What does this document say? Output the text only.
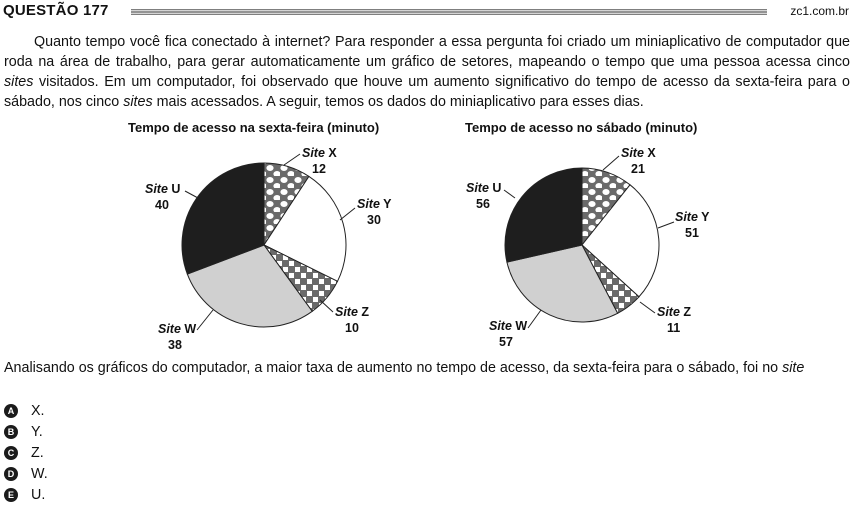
QUESTÃO 177	zc1.com.br

Quanto tempo você fica conectado à internet? Para responder a essa pergunta foi criado um miniaplicativo de computador que roda na área de trabalho, para gerar automaticamente um gráfico de setores, mapeando o tempo que uma pessoa acessa cinco sites visitados. Em um computador, foi observado que houve um aumento significativo do tempo de acesso da sexta-feira para o sábado, nos cinco sites mais acessados. A seguir, temos os dados do miniaplicativo para esses dias.

Tempo de acesso na sexta-feira (minuto)	Tempo de acesso no sábado (minuto)
Site X
12
Site Y
30
Site Z
10
Site W
38
Site U
40
Site X
21
Site Y
51
Site Z
11
Site W
57
Site U
56

Analisando os gráficos do computador, a maior taxa de aumento no tempo de acesso, da sexta-feira para o sábado, foi no site

A X.
B Y.
C Z.
D W.
E U.
